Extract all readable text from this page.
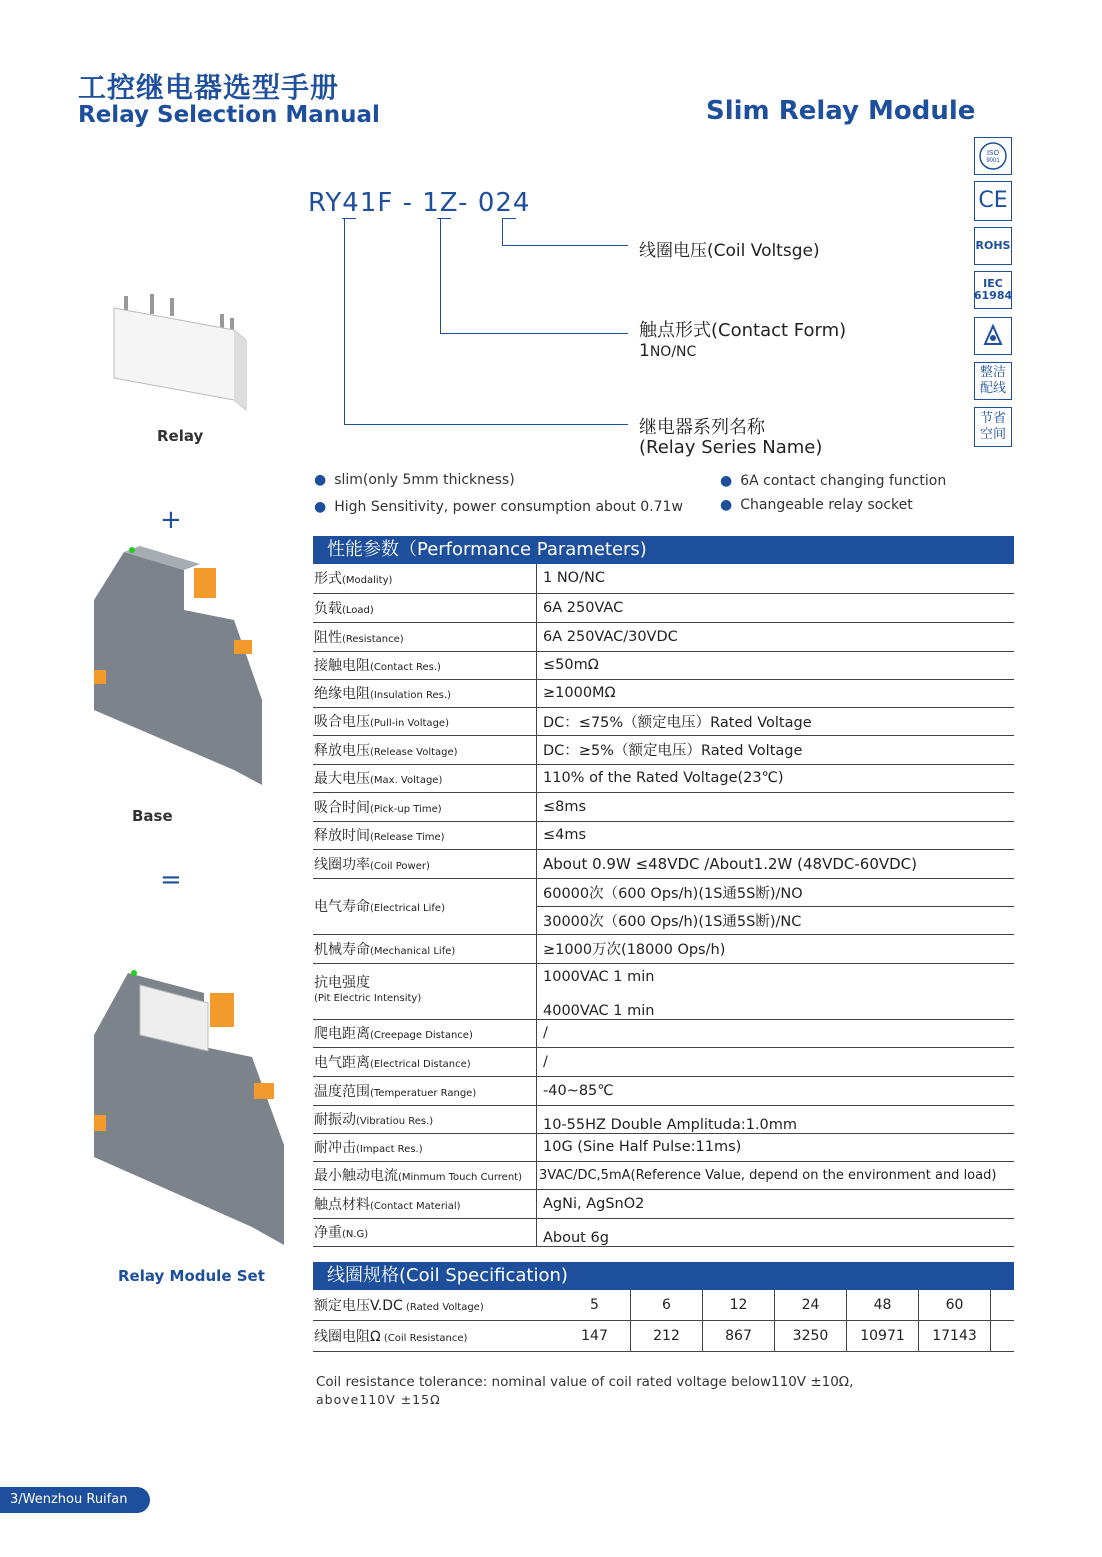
工控继电器选型手册
Relay Selection Manual	Slim Relay Module
ISO
9001
CE
ROHS
IEC 61984
整洁配线
节省空间
RY41F - 1Z- 024
线圈电压(Coil Voltsge)
触点形式(Contact Form)
1NO/NC
继电器系列名称
(Relay Series Name)
Relay
+
Base
=
Relay Module Set
● slim(only 5mm thickness)
● High Sensitivity, power consumption about 0.71w
● 6A contact changing function
● Changeable relay socket
性能参数（Performance Parameters)
形式(Modality)	1 NO/NC
负载(Load)	6A 250VAC
阻性(Resistance)	6A 250VAC/30VDC
接触电阻(Contact Res.)	≤50mΩ
绝缘电阻(Insulation Res.)	≥1000MΩ
吸合电压(Pull-in Voltage)	DC：≤75%（额定电压）Rated Voltage
释放电压(Release Voltage)	DC：≥5%（额定电压）Rated Voltage
最大电压(Max. Voltage)	110% of the Rated Voltage(23℃)
吸合时间(Pick-up Time)	≤8ms
释放时间(Release Time)	≤4ms
线圈功率(Coil Power)	About 0.9W ≤48VDC /About1.2W (48VDC-60VDC)
电气寿命(Electrical Life)	60000次（600 Ops/h)(1S通5S断)/NO
	30000次（600 Ops/h)(1S通5S断)/NC
机械寿命(Mechanical Life)	≥1000万次(18000 Ops/h)
抗电强度
(Pit Electric Intensity)	1000VAC 1 min
	4000VAC 1 min
爬电距离(Creepage Distance)	/
电气距离(Electrical Distance)	/
温度范围(Temperatuer Range)	-40~85℃
耐振动(Vibratiou Res.)	10-55HZ Double Amplituda:1.0mm
耐冲击(Impact Res.)	10G (Sine Half Pulse:11ms)
最小触动电流(Minmum Touch Current)	3VAC/DC,5mA(Reference Value, depend on the environment and load)
触点材料(Contact Material)	AgNi, AgSnO2
净重(N.G)	About 6g
线圈规格(Coil Specification)
额定电压V.DC (Rated Voltage)	5	6	12	24	48	60	
线圈电阻Ω (Coil Resistance)	147	212	867	3250	10971	17143	
Coil resistance tolerance: nominal value of coil rated voltage below110V ±10Ω,
above110V ±15Ω
3/Wenzhou Ruifan
